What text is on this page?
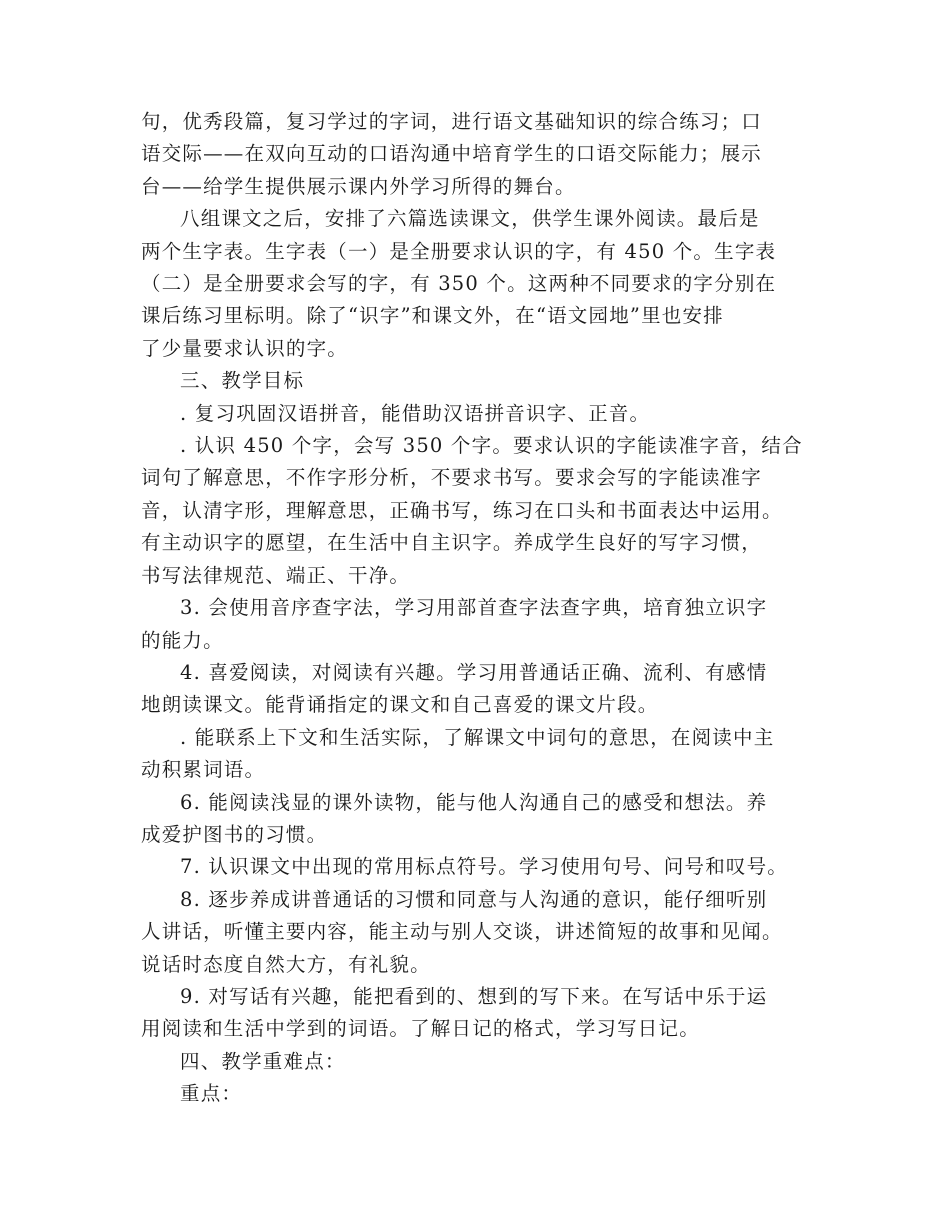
句，优秀段篇，复习学过的字词，进行语文基础知识的综合练习；口
语交际——在双向互动的口语沟通中培育学生的口语交际能力；展示
台——给学生提供展示课内外学习所得的舞台。

八组课文之后，安排了六篇选读课文，供学生课外阅读。最后是
两个生字表。生字表（一）是全册要求认识的字，有 450 个。生字表
（二）是全册要求会写的字，有 350 个。这两种不同要求的字分别在
课后练习里标明。除了“识字”和课文外，在“语文园地”里也安排
了少量要求认识的字。

三、教学目标

. 复习巩固汉语拼音，能借助汉语拼音识字、正音。

. 认识 450 个字，会写 350 个字。要求认识的字能读准字音，结合
词句了解意思，不作字形分析，不要求书写。要求会写的字能读准字
音，认清字形，理解意思，正确书写，练习在口头和书面表达中运用。
有主动识字的愿望，在生活中自主识字。养成学生良好的写字习惯，
书写法律规范、端正、干净。

3. 会使用音序查字法，学习用部首查字法查字典，培育独立识字
的能力。

4. 喜爱阅读，对阅读有兴趣。学习用普通话正确、流利、有感情
地朗读课文。能背诵指定的课文和自己喜爱的课文片段。

. 能联系上下文和生活实际，了解课文中词句的意思，在阅读中主
动积累词语。

6. 能阅读浅显的课外读物，能与他人沟通自己的感受和想法。养
成爱护图书的习惯。

7. 认识课文中出现的常用标点符号。学习使用句号、问号和叹号。

8. 逐步养成讲普通话的习惯和同意与人沟通的意识，能仔细听别
人讲话，听懂主要内容，能主动与别人交谈，讲述简短的故事和见闻。
说话时态度自然大方，有礼貌。

9. 对写话有兴趣，能把看到的、想到的写下来。在写话中乐于运
用阅读和生活中学到的词语。了解日记的格式，学习写日记。

四、教学重难点：

重点：
